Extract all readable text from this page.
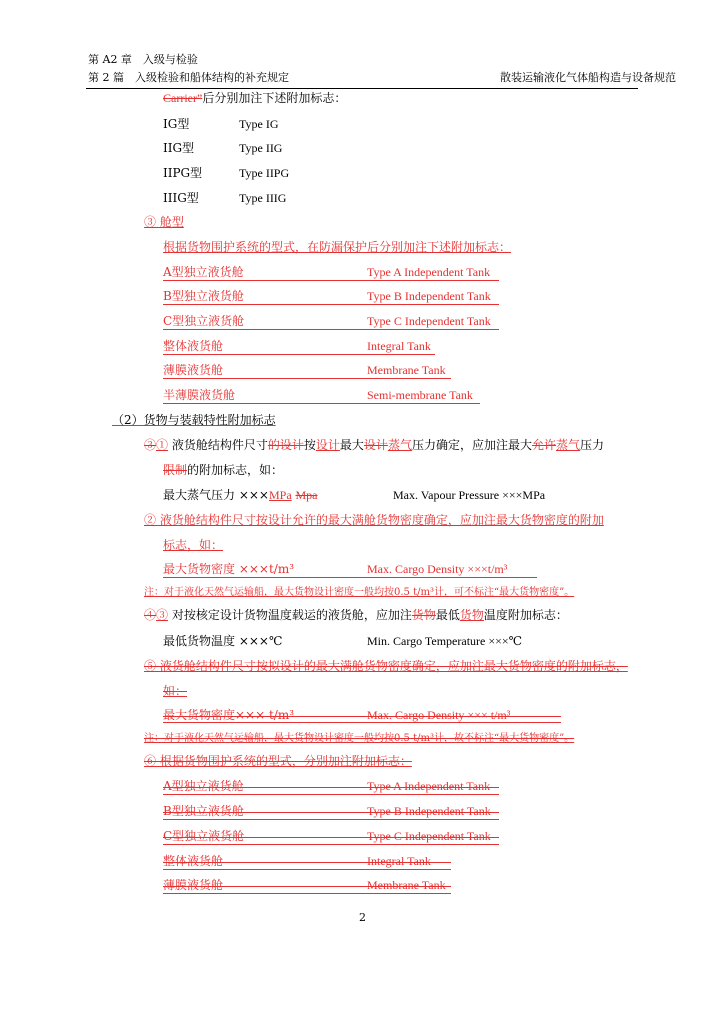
第 A2 章　入级与检验
第 2 篇　入级检验和船体结构的补充规定	散装运输液化气体船构造与设备规范
Carrier”后分别加注下述附加标志：
IG型	Type IG
IIG型	Type IIG
IIPG型	Type IIPG
IIIG型	Type IIIG
③ 舱型
根据货物围护系统的型式，在防漏保护后分别加注下述附加标志：
A型独立液货舱	Type A Independent Tank
B型独立液货舱	Type B Independent Tank
C型独立液货舱	Type C Independent Tank
整体液货舱	Integral Tank
薄膜液货舱	Membrane Tank
半薄膜液货舱	Semi-membrane Tank
（2）货物与装载特性附加标志
③① 液货舱结构件尺寸的设计按设计最大设计蒸气压力确定，应加注最大允许蒸气压力
限制的附加标志，如：
最大蒸气压力 ×××MPa Mpa	Max. Vapour Pressure ×××MPa
② 液货舱结构件尺寸按设计允许的最大满舱货物密度确定，应加注最大货物密度的附加
标志，如：
最大货物密度 ×××t/m³	Max. Cargo Density ×××t/m³
注：对于液化天然气运输船，最大货物设计密度一般均按0.5 t/m³计，可不标注“最大货物密度”。
④③ 对按核定设计货物温度载运的液货舱，应加注货物最低货物温度附加标志：
最低货物温度 ×××℃	Min. Cargo Temperature ×××℃
⑤ 液货舱结构件尺寸按拟设计的最大满舱货物密度确定，应加注最大货物密度的附加标志，
如：
最大货物密度××× t/m³	Max. Cargo Density ××× t/m³
注：对于液化天然气运输船，最大货物设计密度一般均按0.5 t/m³计，故不标注“最大货物密度”。
⑥ 根据货物围护系统的型式，分别加注附加标志：
A型独立液货舱	Type A Independent Tank
B型独立液货舱	Type B Independent Tank
C型独立液货舱	Type C Independent Tank
整体液货舱	Integral Tank
薄膜液货舱	Membrane Tank
2
